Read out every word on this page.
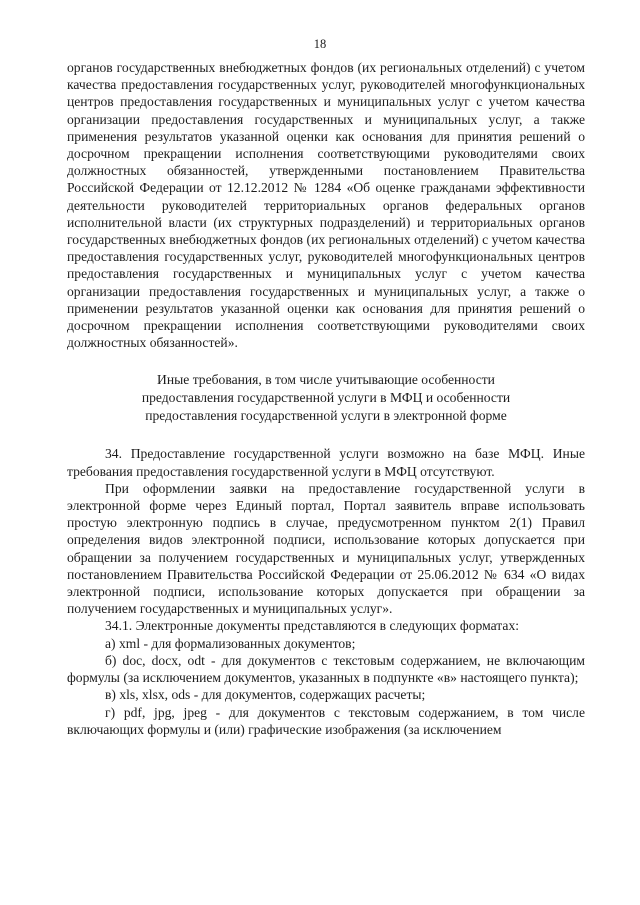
18

органов государственных внебюджетных фондов (их региональных отделений) с учетом качества предоставления государственных услуг, руководителей многофункциональных центров предоставления государственных и муниципальных услуг с учетом качества организации предоставления государственных и муниципальных услуг, а также применения результатов указанной оценки как основания для принятия решений о досрочном прекращении исполнения соответствующими руководителями своих должностных обязанностей, утвержденными постановлением Правительства Российской Федерации от 12.12.2012 № 1284 «Об оценке гражданами эффективности деятельности руководителей территориальных органов федеральных органов исполнительной власти (их структурных подразделений) и территориальных органов государственных внебюджетных фондов (их региональных отделений) с учетом качества предоставления государственных услуг, руководителей многофункциональных центров предоставления государственных и муниципальных услуг с учетом качества организации предоставления государственных и муниципальных услуг, а также о применении результатов указанной оценки как основания для принятия решений о досрочном прекращении исполнения соответствующими руководителями своих должностных обязанностей».

Иные требования, в том числе учитывающие особенности
предоставления государственной услуги в МФЦ и особенности
предоставления государственной услуги в электронной форме

34. Предоставление государственной услуги возможно на базе МФЦ. Иные требования предоставления государственной услуги в МФЦ отсутствуют.

При оформлении заявки на предоставление государственной услуги в электронной форме через Единый портал, Портал заявитель вправе использовать простую электронную подпись в случае, предусмотренном пунктом 2(1) Правил определения видов электронной подписи, использование которых допускается при обращении за получением государственных и муниципальных услуг, утвержденных постановлением Правительства Российской Федерации от 25.06.2012 № 634 «О видах электронной подписи, использование которых допускается при обращении за получением государственных и муниципальных услуг».

34.1. Электронные документы представляются в следующих форматах:

а) xml - для формализованных документов;

б) doc, docx, odt - для документов с текстовым содержанием, не включающим формулы (за исключением документов, указанных в подпункте «в» настоящего пункта);

в) xls, xlsx, ods - для документов, содержащих расчеты;

г) pdf, jpg, jpeg - для документов с текстовым содержанием, в том числе включающих формулы и (или) графические изображения (за исключением
